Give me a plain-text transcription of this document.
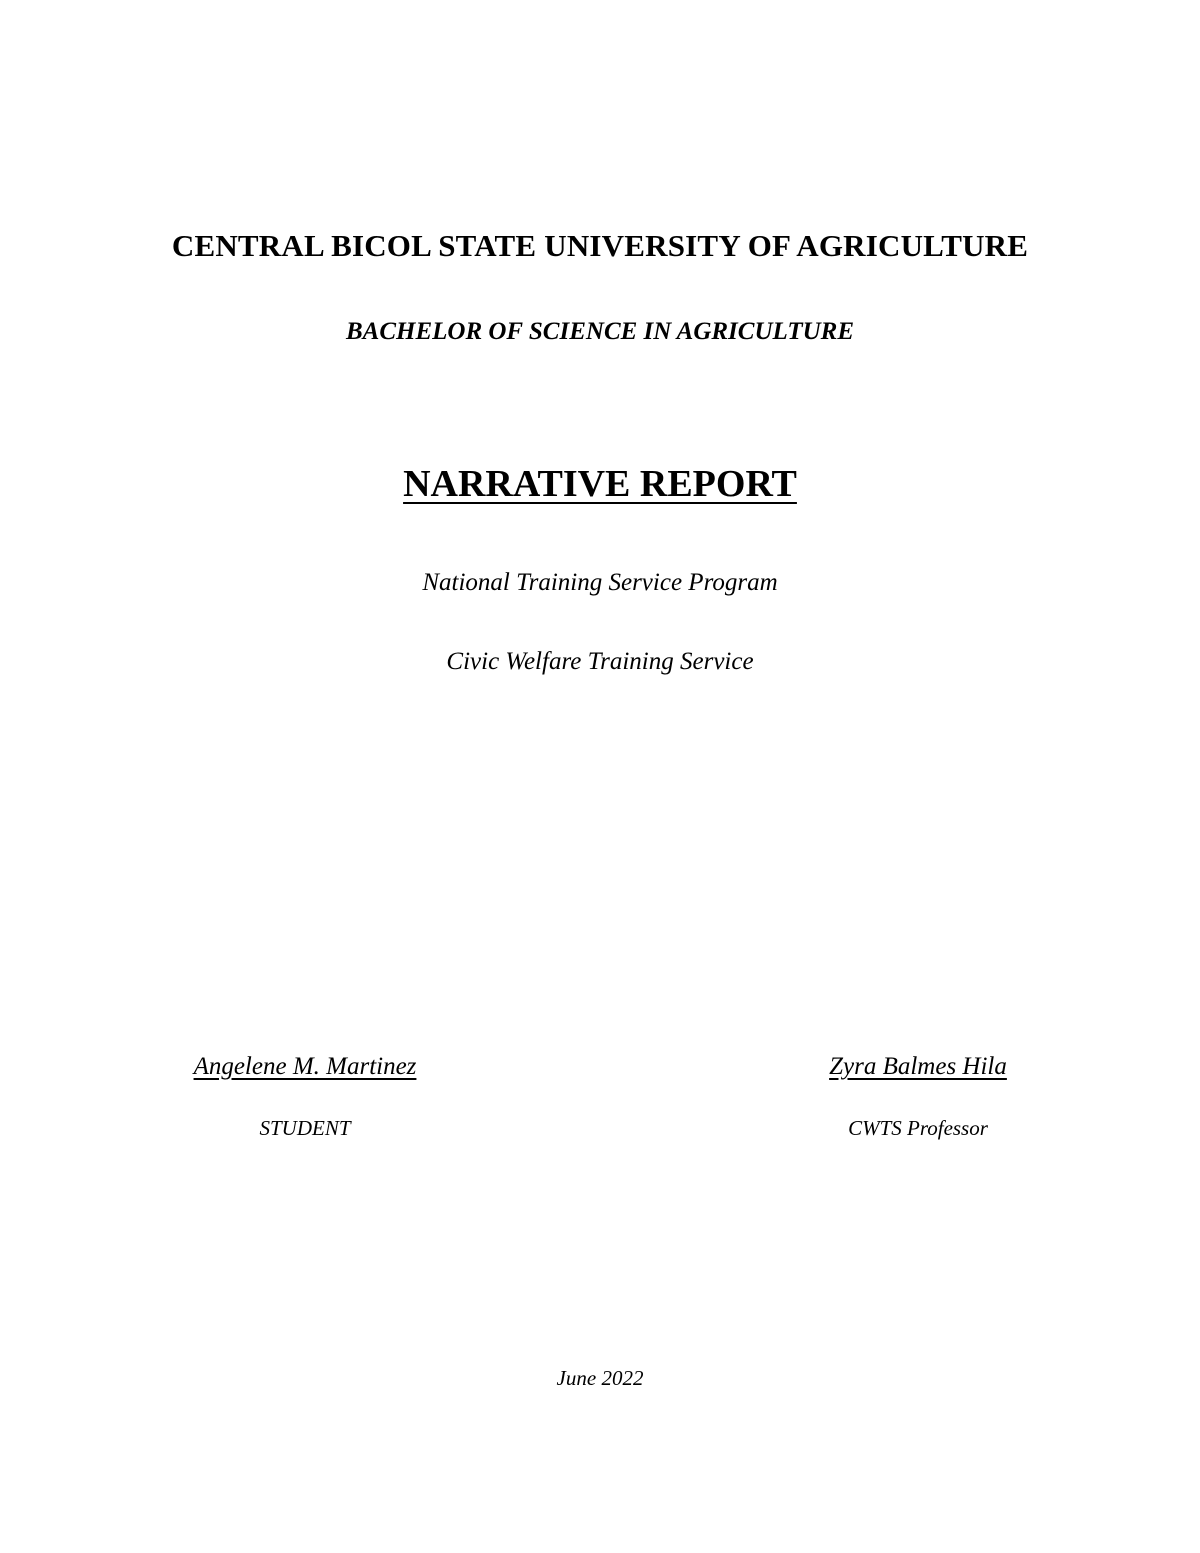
CENTRAL BICOL STATE UNIVERSITY OF AGRICULTURE

BACHELOR OF SCIENCE IN AGRICULTURE

NARRATIVE REPORT

National Training Service Program

Civic Welfare Training Service

Angelene M. Martinez

STUDENT

Zyra Balmes Hila

CWTS Professor

June 2022
